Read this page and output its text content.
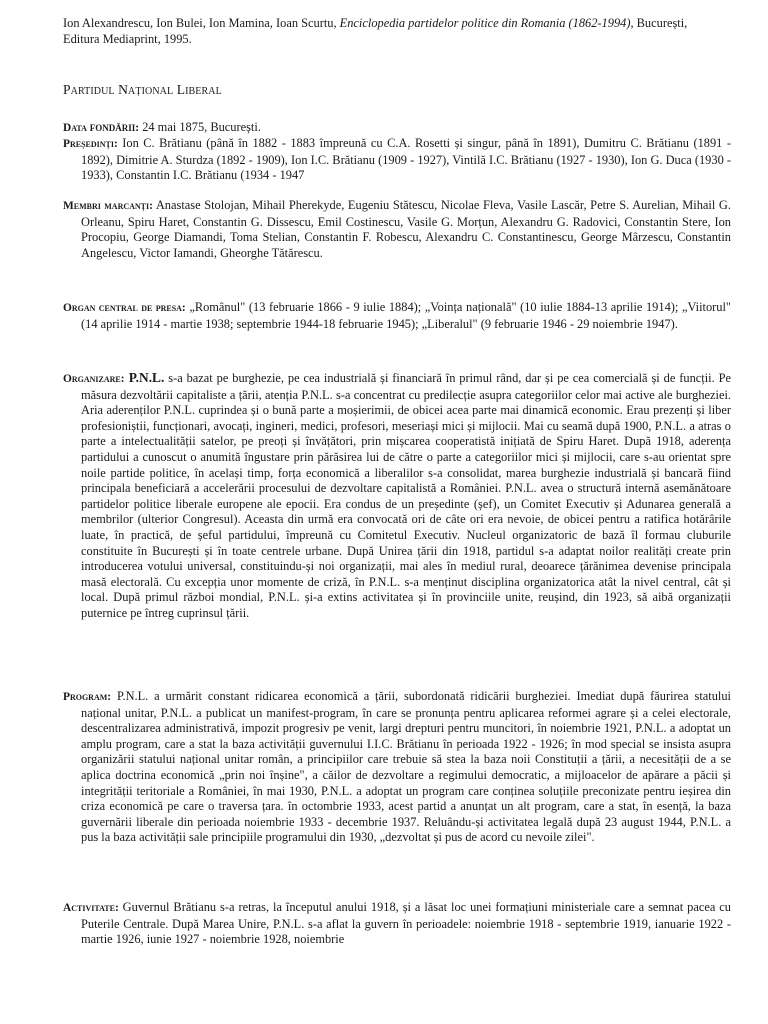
Ion Alexandrescu, Ion Bulei, Ion Mamina, Ioan Scurtu, Enciclopedia partidelor politice din Romania (1862-1994), București, Editura Mediaprint, 1995.
Partidul Național Liberal
Data fondării: 24 mai 1875, București.
Președinți: Ion C. Brătianu (până în 1882 - 1883 împreună cu C.A. Rosetti și singur, până în 1891), Dumitru C. Brătianu (1891 - 1892), Dimitrie A. Sturdza (1892 - 1909), Ion I.C. Brătianu (1909 - 1927), Vintilă I.C. Brătianu (1927 - 1930), Ion G. Duca (1930 - 1933), Constantin I.C. Brătianu (1934 - 1947
Membri marcanți: Anastase Stolojan, Mihail Pherekyde, Eugeniu Stătescu, Nicolae Fleva, Vasile Lascăr, Petre S. Aurelian, Mihail G. Orleanu, Spiru Haret, Constantin G. Dissescu, Emil Costinescu, Vasile G. Morțun, Alexandru G. Radovici, Constantin Stere, Ion Procopiu, George Diamandi, Toma Stelian, Constantin F. Robescu, Alexandru C. Constantinescu, George Mârzescu, Constantin Angelescu, Victor Iamandi, Gheorghe Tătărescu.
Organ central de presa: „Românul" (13 februarie 1866 - 9 iulie 1884); „Voința națională" (10 iulie 1884-13 aprilie 1914); „Viitorul" (14 aprilie 1914 - martie 1938; septembrie 1944-18 februarie 1945); „Liberalul" (9 februarie 1946 - 29 noiembrie 1947).
Organizare: P.N.L. s-a bazat pe burghezie, pe cea industrială și financiară în primul rând, dar și pe cea comercială și de funcții. Pe măsura dezvoltării capitaliste a țării, atenția P.N.L. s-a concentrat cu predilecție asupra categoriilor celor mai active ale burgheziei. Aria aderenților P.N.L. cuprindea și o bună parte a moșierimii, de obicei acea parte mai dinamică economic. Erau prezenți și liber profesioniștii, funcționari, avocați, ingineri, medici, profesori, meseriași mici și mijlocii. Mai cu seamă după 1900, P.N.L. a atras o parte a intelectualității satelor, pe preoți și învățători, prin mișcarea cooperatistă inițiată de Spiru Haret. După 1918, aderența partidului a cunoscut o anumită îngustare prin părăsirea lui de către o parte a categoriilor mici și mijlocii, care s-au orientat spre noile partide politice, în același timp, forța economică a liberalilor s-a consolidat, marea burghezie industrială și bancară fiind principala beneficiară a accelerării procesului de dezvoltare capitalistă a României. P.N.L. avea o structură internă asemănătoare partidelor politice liberale europene ale epocii. Era condus de un președinte (șef), un Comitet Executiv și Adunarea generală a membrilor (ulterior Congresul). Aceasta din urmă era convocată ori de câte ori era nevoie, de obicei pentru a ratifica hotărârile luate, în practică, de șeful partidului, împreună cu Comitetul Executiv. Nucleul organizatoric de bază îl formau cluburile constituite în București și în toate centrele urbane. După Unirea țării din 1918, partidul s-a adaptat noilor realități create prin introducerea votului universal, constituindu-și noi organizații, mai ales în mediul rural, deoarece țărănimea devenise principala masă electorală. Cu excepția unor momente de criză, în P.N.L. s-a menținut disciplina organizatorica atât la nivel central, cât și local. După primul război mondial, P.N.L. și-a extins activitatea și în provinciile unite, reușind, din 1923, să aibă organizații puternice pe întreg cuprinsul țării.
Program: P.N.L. a urmărit constant ridicarea economică a țării, subordonată ridicării burgheziei. Imediat după făurirea statului național unitar, P.N.L. a publicat un manifest-program, în care se pronunța pentru aplicarea reformei agrare și a celei electorale, descentralizarea administrativă, impozit progresiv pe venit, largi drepturi pentru muncitori, în noiembrie 1921, P.N.L. a adoptat un amplu program, care a stat la baza activității guvernului I.I.C. Brătianu în perioada 1922 - 1926; în mod special se insista asupra organizării statului național unitar român, a principiilor care trebuie să stea la baza noii Constituții a țării, a necesității de a se aplica doctrina economică „prin noi înșine", a căilor de dezvoltare a regimului democratic, a mijloacelor de apărare a păcii și integrității teritoriale a României, în mai 1930, P.N.L. a adoptat un program care conținea soluțiile preconizate pentru ieșirea din criza economică pe care o traversa țara. în octombrie 1933, acest partid a anunțat un alt program, care a stat, în esență, la baza guvernării liberale din perioada noiembrie 1933 - decembrie 1937. Reluându-și activitatea legală după 23 august 1944, P.N.L. a pus la baza activității sale principiile programului din 1930, „dezvoltat și pus de acord cu nevoile zilei".
Activitate: Guvernul Brătianu s-a retras, la începutul anului 1918, și a lăsat loc unei formațiuni ministeriale care a semnat pacea cu Puterile Centrale. După Marea Unire, P.N.L. s-a aflat la guvern în perioadele: noiembrie 1918 - septembrie 1919, ianuarie 1922 - martie 1926, iunie 1927 - noiembrie 1928, noiembrie
